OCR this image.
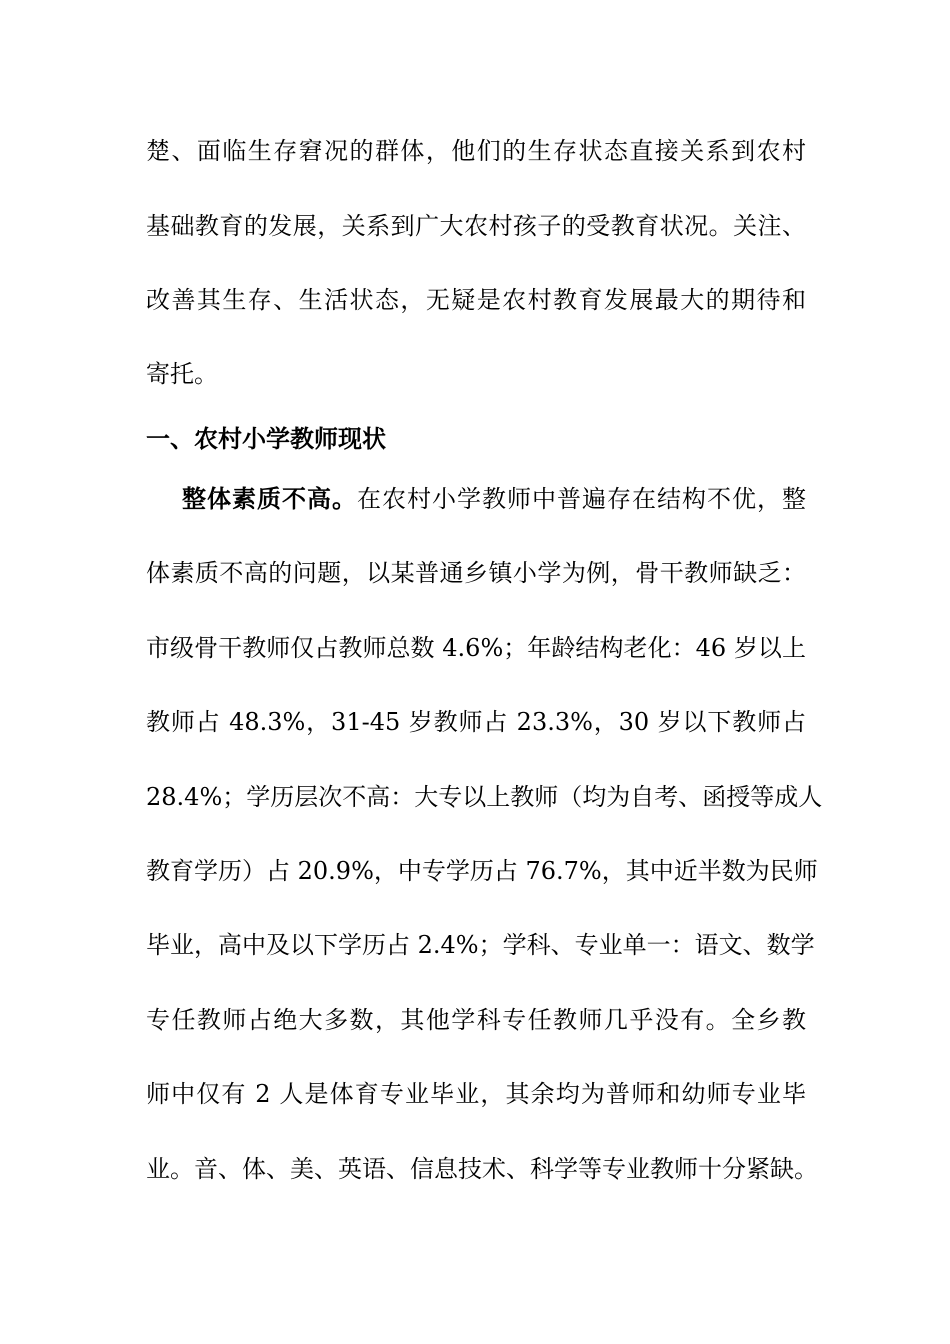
楚、面临生存窘况的群体，他们的生存状态直接关系到农村
基础教育的发展，关系到广大农村孩子的受教育状况。关注、
改善其生存、生活状态，无疑是农村教育发展最大的期待和
寄托。
一、农村小学教师现状
整体素质不高。在农村小学教师中普遍存在结构不优，整
体素质不高的问题，以某普通乡镇小学为例，骨干教师缺乏：
市级骨干教师仅占教师总数 4.6%；年龄结构老化：46 岁以上
教师占 48.3%，31-45 岁教师占 23.3%，30 岁以下教师占
28.4%；学历层次不高：大专以上教师（均为自考、函授等成人
教育学历）占 20.9%，中专学历占 76.7%，其中近半数为民师
毕业，高中及以下学历占 2.4%；学科、专业单一：语文、数学
专任教师占绝大多数，其他学科专任教师几乎没有。全乡教
师中仅有 2 人是体育专业毕业，其余均为普师和幼师专业毕
业。音、体、美、英语、信息技术、科学等专业教师十分紧缺。
